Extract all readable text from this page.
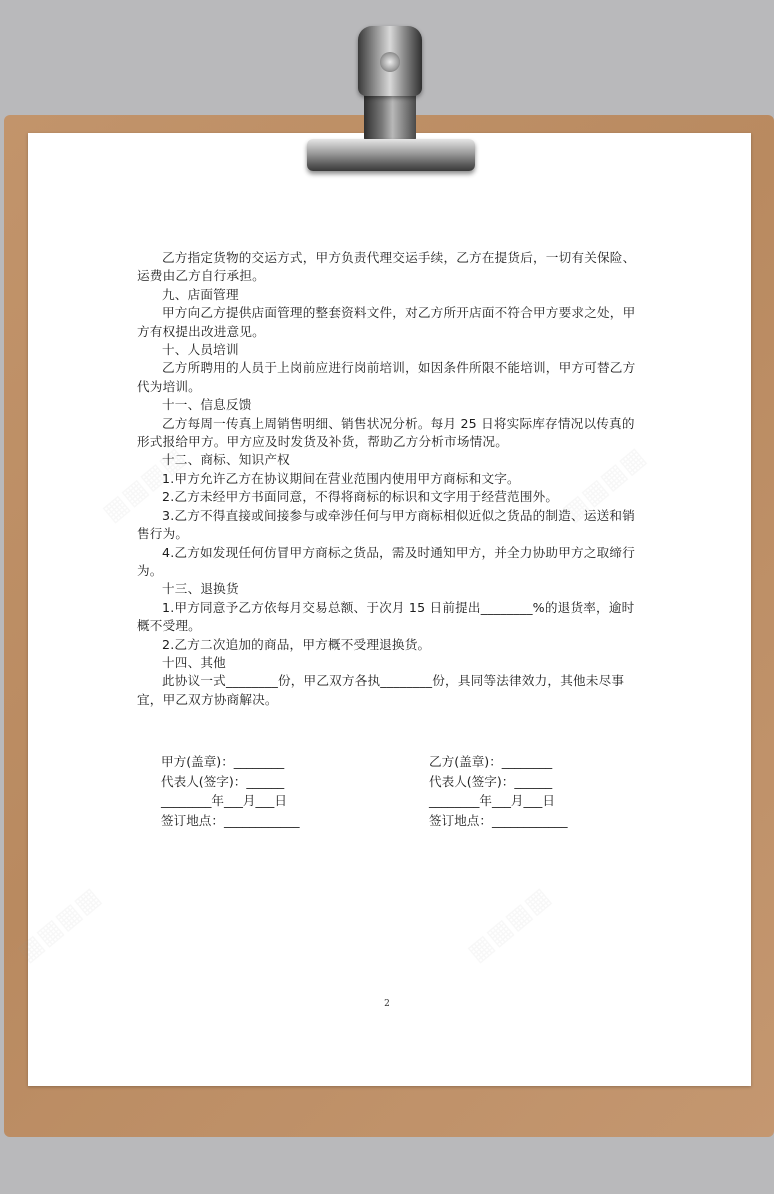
乙方指定货物的交运方式，甲方负责代理交运手续，乙方在提货后，一切有关保险、运费由乙方自行承担。

九、店面管理

甲方向乙方提供店面管理的整套资料文件，对乙方所开店面不符合甲方要求之处，甲方有权提出改进意见。

十、人员培训

乙方所聘用的人员于上岗前应进行岗前培训，如因条件所限不能培训，甲方可替乙方代为培训。

十一、信息反馈

乙方每周一传真上周销售明细、销售状况分析。每月 25 日将实际库存情况以传真的形式报给甲方。甲方应及时发货及补货，帮助乙方分析市场情况。

十二、商标、知识产权

1.甲方允许乙方在协议期间在营业范围内使用甲方商标和文字。

2.乙方未经甲方书面同意，不得将商标的标识和文字用于经营范围外。

3.乙方不得直接或间接参与或牵涉任何与甲方商标相似近似之货品的制造、运送和销售行为。

4.乙方如发现任何仿冒甲方商标之货品，需及时通知甲方，并全力协助甲方之取缔行为。

十三、退换货

1.甲方同意予乙方依每月交易总额、于次月 15 日前提出________%的退货率，逾时概不受理。

2.乙方二次追加的商品，甲方概不受理退换货。

十四、其他

此协议一式________份，甲乙双方各执________份，具同等法律效力，其他未尽事宜，甲乙双方协商解决。

甲方(盖章)：________
代表人(签字)：______
________年___月___日
签订地点：____________
乙方(盖章)：________
代表人(签字)：______
________年___月___日
签订地点：____________
2
